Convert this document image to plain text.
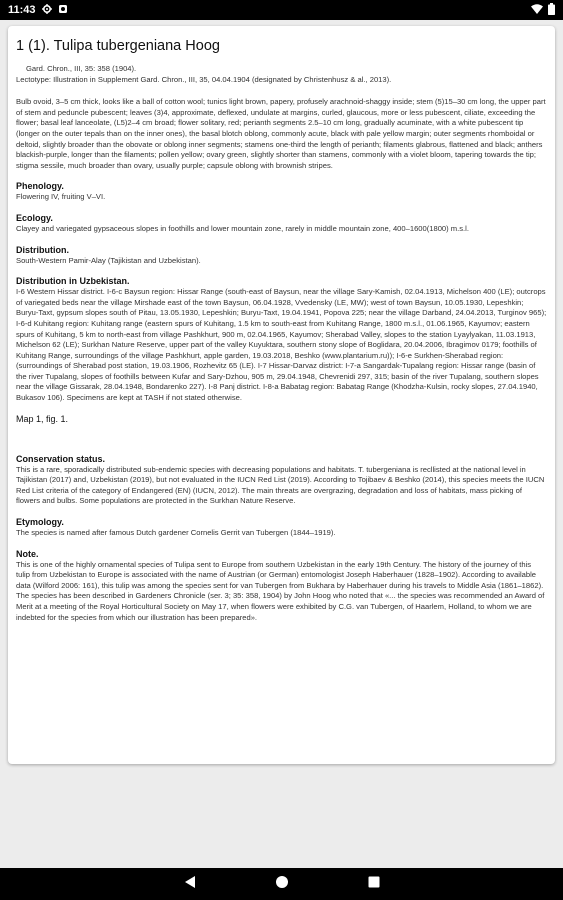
11:43
1 (1). Tulipa tubergeniana Hoog

Gard. Chron., III, 35: 358 (1904).

Lectotype: Illustration in Supplement Gard. Chron., III, 35, 04.04.1904 (designated by Christenhusz & al., 2013).

Bulb ovoid, 3–5 cm thick, looks like a ball of cotton wool; tunics light brown, papery, profusely arachnoid-shaggy inside; stem (5)15–30 cm long, the upper part of stem and peduncle pubescent; leaves (3)4, approximate, deflexed, undulate at margins, curled, glaucous, more or less pubescent, ciliate, exceeding the flower; basal leaf lanceolate, (L5)2–4 cm broad; flower solitary, red; perianth segments 2.5–10 cm long, gradually acuminate, with a white pubescent tip (longer on the outer tepals than on the inner ones), the basal blotch oblong, commonly acute, black with pale yellow margin; outer segments rhomboidal or deltoid, slightly broader than the obovate or oblong inner segments; stamens one-third the length of perianth; filaments glabrous, flattened and black; anthers blackish-purple, longer than the filaments; pollen yellow; ovary green, slightly shorter than stamens, commonly with a violet bloom, tapering towards the tip; stigma sessile, much broader than ovary, usually purple; capsule oblong with brownish stripes.

Phenology.

Flowering IV, fruiting V–VI.

Ecology.

Clayey and variegated gypsaceous slopes in foothills and lower mountain zone, rarely in middle mountain zone, 400–1600(1800) m.s.l.

Distribution.

South-Western Pamir-Alay (Tajikistan and Uzbekistan).

Distribution in Uzbekistan.

I-6 Western Hissar district. I-6-c Baysun region: Hissar Range (south-east of Baysun, near the village Sary-Kamish, 02.04.1913, Michelson 400 (LE); outcrops of variegated beds near the village Mirshade east of the town Baysun, 06.04.1928, Vvedensky (LE, MW); west of town Baysun, 10.05.1930, Lepeshkin; Buryu-Taxt, gypsum slopes south of Pitau, 13.05.1930, Lepeshkin; Buryu-Taxt, 19.04.1941, Popova 225; near the village Darband, 24.04.2013, Turginov 965); I-6-d Kuhitang region: Kuhitang range (eastern spurs of Kuhitang, 1.5 km to south-east from Kuhitang Range, 1800 m.s.l., 01.06.1965, Kayumov; eastern spurs of Kuhitang, 5 km to north-east from village Pashkhurt, 900 m, 02.04.1965, Kayumov; Sherabad Valley, slopes to the station Lyaylyakan, 11.03.1913, Michelson 62 (LE); Surkhan Nature Reserve, upper part of the valley Kuyuktara, southern stony slope of Boglidara, 20.04.2006, Ibragimov 0179; foothills of Kuhitang Range, surroundings of the village Pashkhurt, apple garden, 19.03.2018, Beshko (www.plantarium.ru)); I-6-e Surkhen-Sherabad region: (surroundings of Sherabad post station, 19.03.1906, Rozhevitz 65 (LE). I-7 Hissar-Darvaz district: I-7-a Sangardak-Tupalang region: Hissar range (basin of the river Tupalang, slopes of foothills between Kufar and Sary-Dzhou, 905 m, 29.04.1948, Chevrenidi 297, 315; basin of the river Tupalang, southern slopes near the village Gissarak, 28.04.1948, Bondarenko 227). I-8 Panj district. I-8-a Babatag region: Babatag Range (Khodzha-Kulsin, rocky slopes, 27.04.1940, Bukasov 106). Specimens are kept at TASH if not stated otherwise.

Map 1, fig. 1.
Conservation status.

This is a rare, sporadically distributed sub-endemic species with decreasing populations and habitats. T. tubergeniana is recllisted at the national level in Tajikistan (2017) and, Uzbekistan (2019), but not evaluated in the IUCN Red List (2019). According to Tojibaev & Beshko (2014), this species meets the IUCN Red List criteria of the category of Endangered (EN) (IUCN, 2012). The main threats are overgrazing, degradation and loss of habitats, mass picking of flowers and bulbs. Some populations are protected in the Surkhan Nature Reserve.

Etymology.

The species is named after famous Dutch gardener Cornelis Gerrit van Tubergen (1844–1919).

Note.

This is one of the highly ornamental species of Tulipa sent to Europe from southern Uzbekistan in the early 19th Century. The history of the journey of this tulip from Uzbekistan to Europe is associated with the name of Austrian (or German) entomologist Joseph Haberhauer (1828–1902). According to available data (Wilford 2006: 161), this tulip was among the species sent for van Tubergen from Bukhara by Haberhauer during his travels to Middle Asia (1861–1862). The species has been described in Gardeners Chronicle (ser. 3; 35: 358, 1904) by John Hoog who noted that «... the species was recommended an Award of Merit at a meeting of the Royal Horticultural Society on May 17, when flowers were exhibited by C.G. van Tubergen, of Haarlem, Holland, to whom we are indebted for the species from which our illustration has been prepared».
